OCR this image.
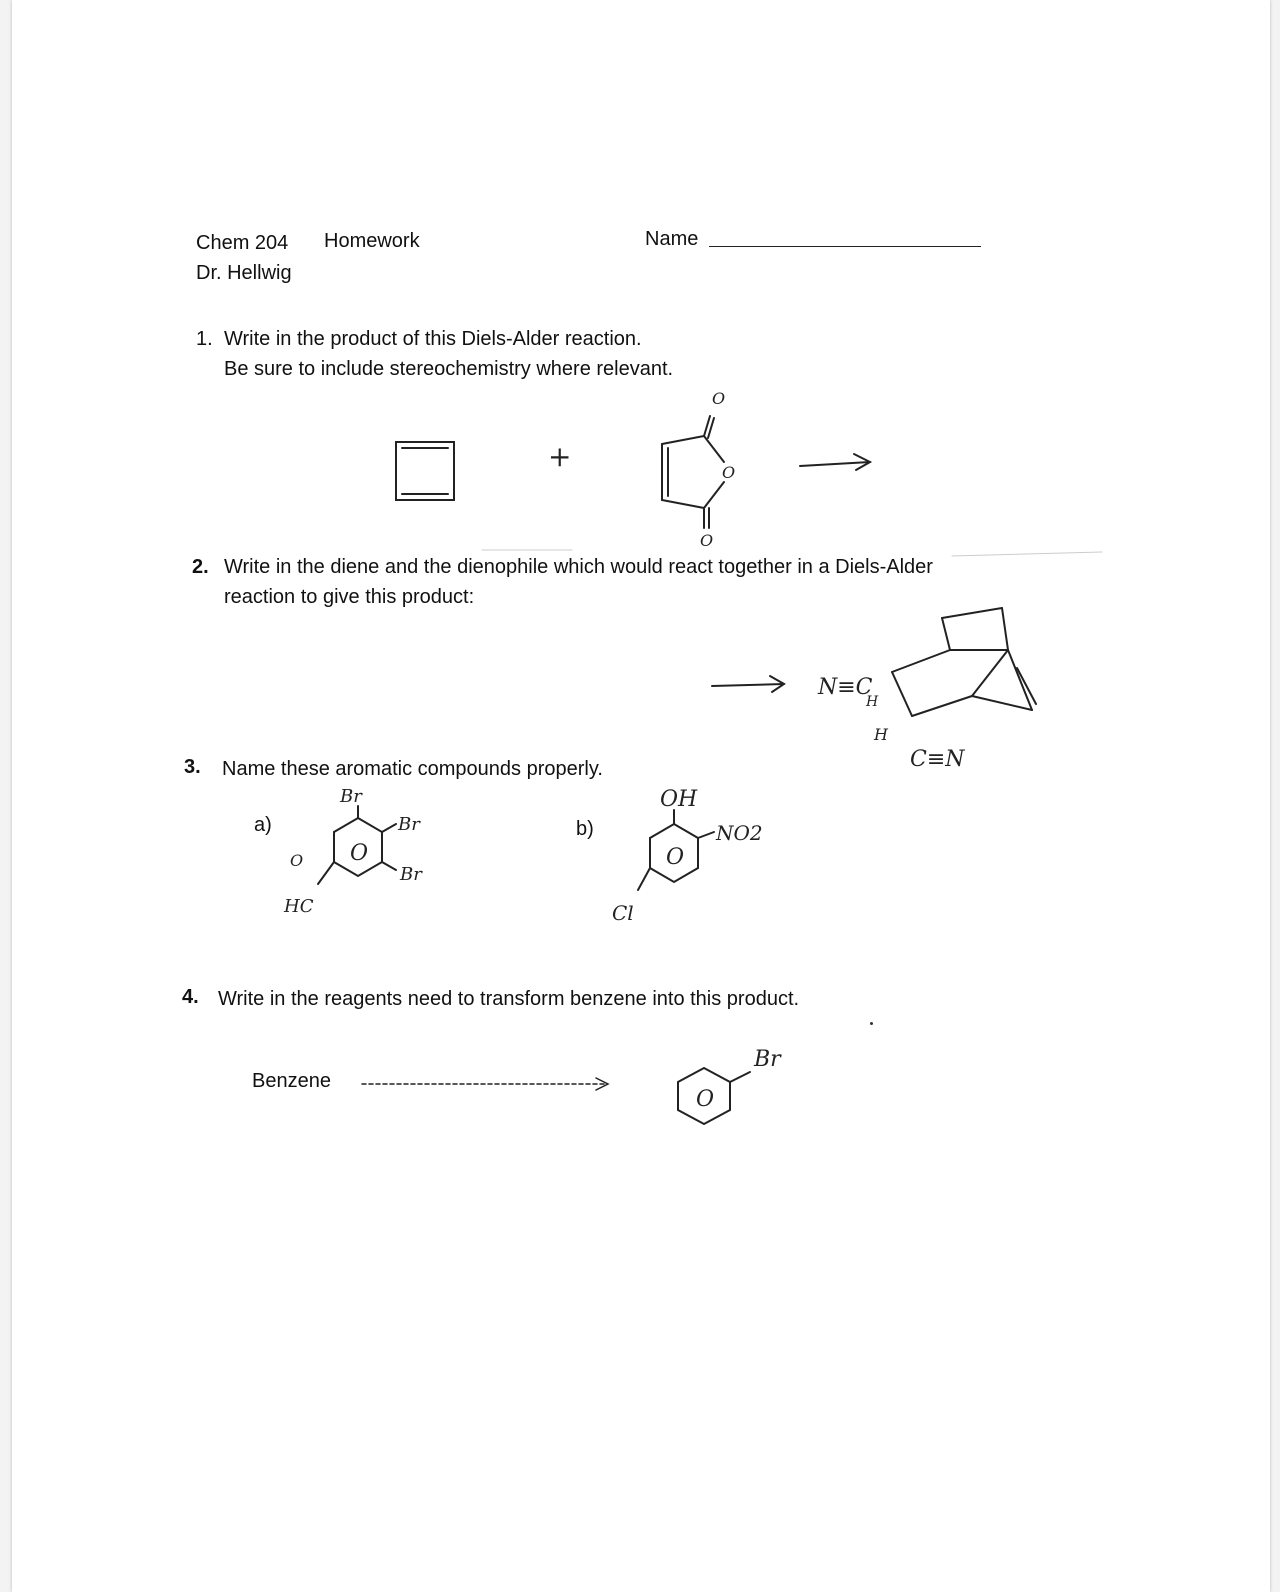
Chem 204 Homework
Dr. Hellwig
Name
1. Write in the product of this Diels-Alder reaction.
Be sure to include stereochemistry where relevant.
2. Write in the diene and the dienophile which would react together in a Diels-Alder
reaction to give this product:
3. Name these aromatic compounds properly.
a)	b)
4. Write in the reagents need to transform benzene into this product.
Benzene
+
O
O
O
N≡C
H
H
C≡N
O
Br
Br
Br
O
HC
O
OH
NO2
Cl
O
Br
